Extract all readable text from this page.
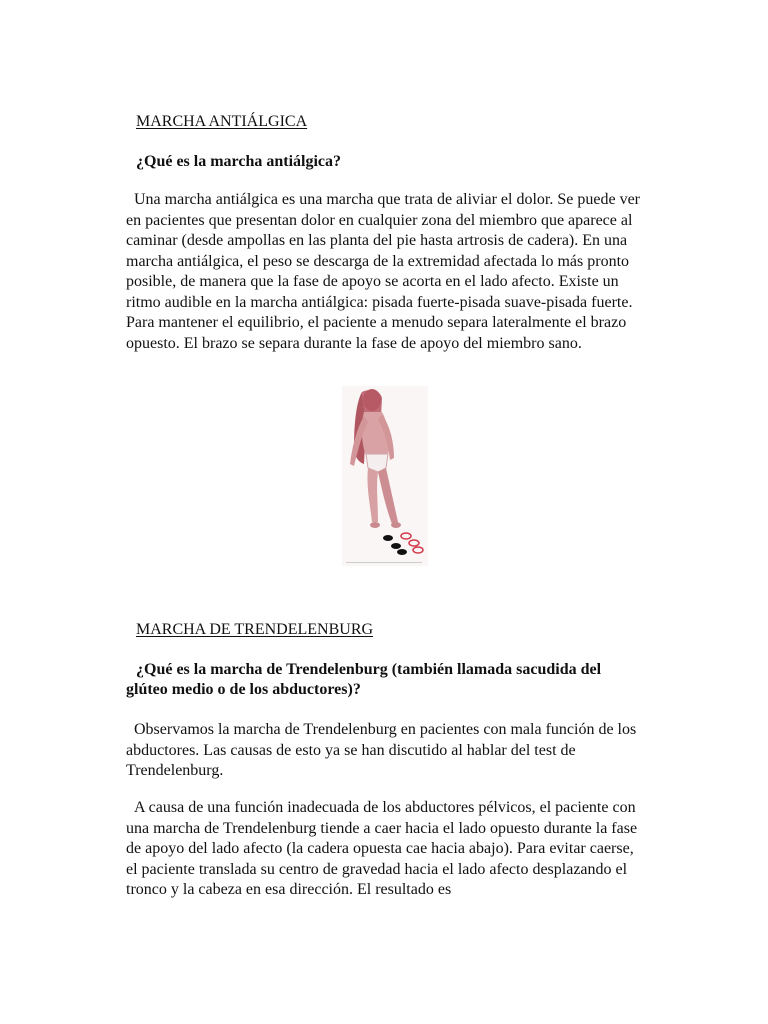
MARCHA ANTIÁLGICA

¿Qué es la marcha antiálgica?

Una marcha antiálgica es una marcha que trata de aliviar el dolor. Se puede ver en pacientes que presentan dolor en cualquier zona del miembro que aparece al caminar (desde ampollas en las planta del pie hasta artrosis de cadera). En una marcha antiálgica, el peso se descarga de la extremidad afectada lo más pronto posible, de manera que la fase de apoyo se acorta en el lado afecto. Existe un ritmo audible en la marcha antiálgica: pisada fuerte-pisada suave-pisada fuerte. Para mantener el equilibrio, el paciente a menudo separa lateralmente el brazo opuesto. El brazo se separa durante la fase de apoyo del miembro sano.

MARCHA DE TRENDELENBURG

¿Qué es la marcha de Trendelenburg (también llamada sacudida del glúteo medio o de los abductores)?

Observamos la marcha de Trendelenburg en pacientes con mala función de los abductores. Las causas de esto ya se han discutido al hablar del test de Trendelenburg.

A causa de una función inadecuada de los abductores pélvicos, el paciente con una marcha de Trendelenburg tiende a caer hacia el lado opuesto durante la fase de apoyo del lado afecto (la cadera opuesta cae hacia abajo). Para evitar caerse, el paciente translada su centro de gravedad hacia el lado afecto desplazando el tronco y la cabeza en esa dirección. El resultado es
